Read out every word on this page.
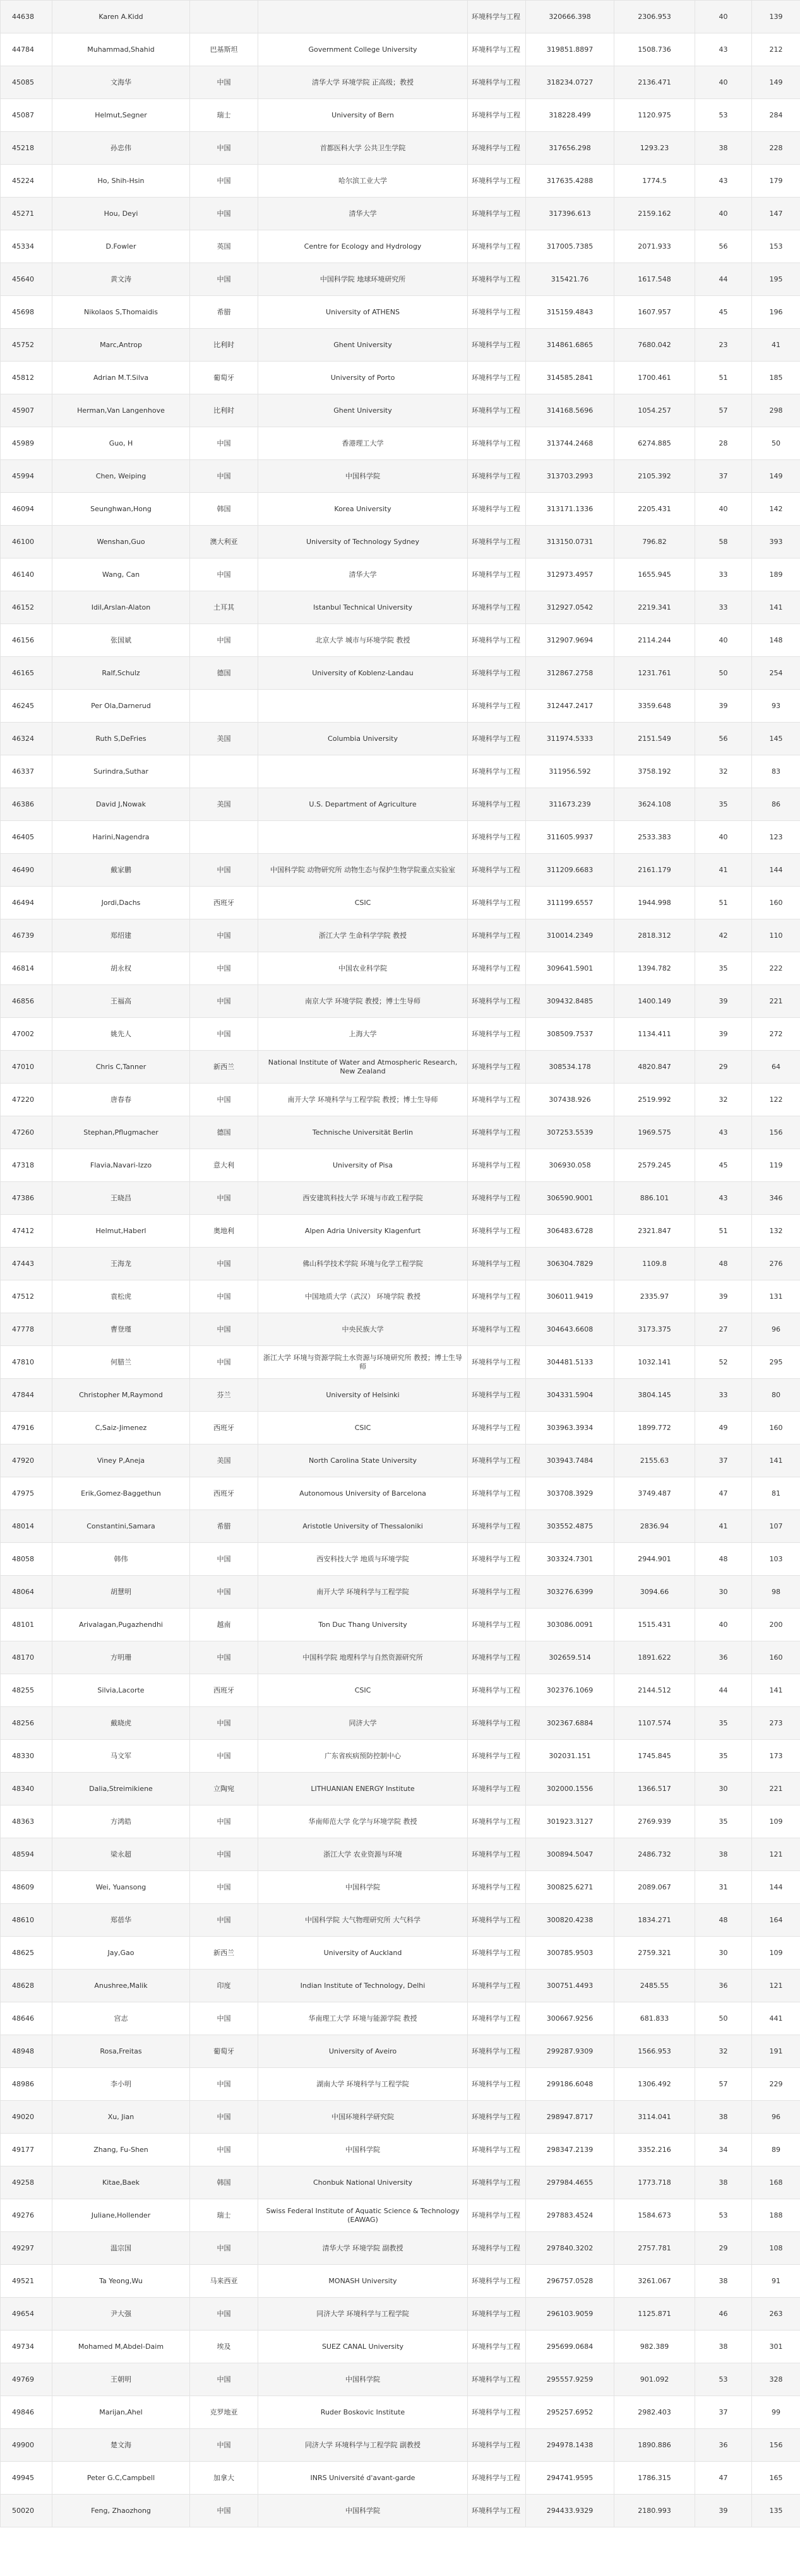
44638	Karen A.Kidd			环境科学与工程	320666.398	2306.953	40	139
44784	Muhammad,Shahid	巴基斯坦	Government College University	环境科学与工程	319851.8897	1508.736	43	212
45085	文海华	中国	清华大学 环境学院 正高级；教授	环境科学与工程	318234.0727	2136.471	40	149
45087	Helmut,Segner	瑞士	University of Bern	环境科学与工程	318228.499	1120.975	53	284
45218	孙忠伟	中国	首都医科大学 公共卫生学院	环境科学与工程	317656.298	1293.23	38	228
45224	Ho, Shih-Hsin	中国	哈尔滨工业大学	环境科学与工程	317635.4288	1774.5	43	179
45271	Hou, Deyi	中国	清华大学	环境科学与工程	317396.613	2159.162	40	147
45334	D.Fowler	英国	Centre for Ecology and Hydrology	环境科学与工程	317005.7385	2071.933	56	153
45640	黄文涛	中国	中国科学院 地球环境研究所	环境科学与工程	315421.76	1617.548	44	195
45698	Nikolaos S,Thomaidis	希腊	University of ATHENS	环境科学与工程	315159.4843	1607.957	45	196
45752	Marc,Antrop	比利时	Ghent University	环境科学与工程	314861.6865	7680.042	23	41
45812	Adrian M.T.Silva	葡萄牙	University of Porto	环境科学与工程	314585.2841	1700.461	51	185
45907	Herman,Van Langenhove	比利时	Ghent University	环境科学与工程	314168.5696	1054.257	57	298
45989	Guo, H	中国	香港理工大学	环境科学与工程	313744.2468	6274.885	28	50
45994	Chen, Weiping	中国	中国科学院	环境科学与工程	313703.2993	2105.392	37	149
46094	Seunghwan,Hong	韩国	Korea University	环境科学与工程	313171.1336	2205.431	40	142
46100	Wenshan,Guo	澳大利亚	University of Technology Sydney	环境科学与工程	313150.0731	796.82	58	393
46140	Wang, Can	中国	清华大学	环境科学与工程	312973.4957	1655.945	33	189
46152	Idil,Arslan-Alaton	土耳其	Istanbul Technical University	环境科学与工程	312927.0542	2219.341	33	141
46156	张国斌	中国	北京大学 城市与环境学院 教授	环境科学与工程	312907.9694	2114.244	40	148
46165	Ralf,Schulz	德国	University of Koblenz-Landau	环境科学与工程	312867.2758	1231.761	50	254
46245	Per Ola,Darnerud			环境科学与工程	312447.2417	3359.648	39	93
46324	Ruth S,DeFries	美国	Columbia University	环境科学与工程	311974.5333	2151.549	56	145
46337	Surindra,Suthar			环境科学与工程	311956.592	3758.192	32	83
46386	David J,Nowak	美国	U.S. Department of Agriculture	环境科学与工程	311673.239	3624.108	35	86
46405	Harini,Nagendra			环境科学与工程	311605.9937	2533.383	40	123
46490	戴家鹏	中国	中国科学院 动物研究所 动物生态与保护生物学院重点实验室	环境科学与工程	311209.6683	2161.179	41	144
46494	Jordi,Dachs	西班牙	CSIC	环境科学与工程	311199.6557	1944.998	51	160
46739	郑绍建	中国	浙江大学 生命科学学院 教授	环境科学与工程	310014.2349	2818.312	42	110
46814	胡永权	中国	中国农业科学院	环境科学与工程	309641.5901	1394.782	35	222
46856	王福高	中国	南京大学 环境学院 教授；博士生导师	环境科学与工程	309432.8485	1400.149	39	221
47002	姚先人	中国	上海大学	环境科学与工程	308509.7537	1134.411	39	272
47010	Chris C,Tanner	新西兰	National Institute of Water and Atmospheric Research, New Zealand	环境科学与工程	308534.178	4820.847	29	64
47220	唐春春	中国	南开大学 环境科学与工程学院 教授；博士生导师	环境科学与工程	307438.926	2519.992	32	122
47260	Stephan,Pflugmacher	德国	Technische Universität Berlin	环境科学与工程	307253.5539	1969.575	43	156
47318	Flavia,Navari-Izzo	意大利	University of Pisa	环境科学与工程	306930.058	2579.245	45	119
47386	王晓昌	中国	西安建筑科技大学 环境与市政工程学院	环境科学与工程	306590.9001	886.101	43	346
47412	Helmut,Haberl	奥地利	Alpen Adria University Klagenfurt	环境科学与工程	306483.6728	2321.847	51	132
47443	王海龙	中国	佛山科学技术学院 环境与化学工程学院	环境科学与工程	306304.7829	1109.8	48	276
47512	袁松虎	中国	中国地质大学（武汉） 环境学院 教授	环境科学与工程	306011.9419	2335.97	39	131
47778	曹登瑾	中国	中央民族大学	环境科学与工程	304643.6608	3173.375	27	96
47810	何腊兰	中国	浙江大学 环境与资源学院土水资源与环境研究所 教授；博士生导师	环境科学与工程	304481.5133	1032.141	52	295
47844	Christopher M,Raymond	芬兰	University of Helsinki	环境科学与工程	304331.5904	3804.145	33	80
47916	C,Saiz-Jimenez	西班牙	CSIC	环境科学与工程	303963.3934	1899.772	49	160
47920	Viney P,Aneja	美国	North Carolina State University	环境科学与工程	303943.7484	2155.63	37	141
47975	Erik,Gomez-Baggethun	西班牙	Autonomous University of Barcelona	环境科学与工程	303708.3929	3749.487	47	81
48014	Constantini,Samara	希腊	Aristotle University of Thessaloniki	环境科学与工程	303552.4875	2836.94	41	107
48058	韩伟	中国	西安科技大学 地质与环境学院	环境科学与工程	303324.7301	2944.901	48	103
48064	胡慧明	中国	南开大学 环境科学与工程学院	环境科学与工程	303276.6399	3094.66	30	98
48101	Arivalagan,Pugazhendhi	越南	Ton Duc Thang University	环境科学与工程	303086.0091	1515.431	40	200
48170	方明珊	中国	中国科学院 地理科学与自然资源研究所	环境科学与工程	302659.514	1891.622	36	160
48255	Silvia,Lacorte	西班牙	CSIC	环境科学与工程	302376.1069	2144.512	44	141
48256	戴晓虎	中国	同济大学	环境科学与工程	302367.6884	1107.574	35	273
48330	马文军	中国	广东省疾病预防控制中心	环境科学与工程	302031.151	1745.845	35	173
48340	Dalia,Streimikiene	立陶宛	LITHUANIAN ENERGY Institute	环境科学与工程	302000.1556	1366.517	30	221
48363	方鸿皓	中国	华南师范大学 化学与环境学院 教授	环境科学与工程	301923.3127	2769.939	35	109
48594	梁永超	中国	浙江大学 农业资源与环境	环境科学与工程	300894.5047	2486.732	38	121
48609	Wei, Yuansong	中国	中国科学院	环境科学与工程	300825.6271	2089.067	31	144
48610	郑蓓华	中国	中国科学院 大气物理研究所 大气科学	环境科学与工程	300820.4238	1834.271	48	164
48625	Jay,Gao	新西兰	University of Auckland	环境科学与工程	300785.9503	2759.321	30	109
48628	Anushree,Malik	印度	Indian Institute of Technology, Delhi	环境科学与工程	300751.4493	2485.55	36	121
48646	宫志	中国	华南理工大学 环境与能源学院 教授	环境科学与工程	300667.9256	681.833	50	441
48948	Rosa,Freitas	葡萄牙	University of Aveiro	环境科学与工程	299287.9309	1566.953	32	191
48986	李小明	中国	湖南大学 环境科学与工程学院	环境科学与工程	299186.6048	1306.492	57	229
49020	Xu, Jian	中国	中国环境科学研究院	环境科学与工程	298947.8717	3114.041	38	96
49177	Zhang, Fu-Shen	中国	中国科学院	环境科学与工程	298347.2139	3352.216	34	89
49258	Kitae,Baek	韩国	Chonbuk National University	环境科学与工程	297984.4655	1773.718	38	168
49276	Juliane,Hollender	瑞士	Swiss Federal Institute of Aquatic Science & Technology (EAWAG)	环境科学与工程	297883.4524	1584.673	53	188
49297	温宗国	中国	清华大学 环境学院 副教授	环境科学与工程	297840.3202	2757.781	29	108
49521	Ta Yeong,Wu	马来西亚	MONASH University	环境科学与工程	296757.0528	3261.067	38	91
49654	尹大强	中国	同济大学 环境科学与工程学院	环境科学与工程	296103.9059	1125.871	46	263
49734	Mohamed M,Abdel-Daim	埃及	SUEZ CANAL University	环境科学与工程	295699.0684	982.389	38	301
49769	王朝明	中国	中国科学院	环境科学与工程	295557.9259	901.092	53	328
49846	Marijan,Ahel	克罗地亚	Ruder Boskovic Institute	环境科学与工程	295257.6952	2982.403	37	99
49900	楚文海	中国	同济大学 环境科学与工程学院 副教授	环境科学与工程	294978.1438	1890.886	36	156
49945	Peter G.C,Campbell	加拿大	INRS Université d'avant-garde	环境科学与工程	294741.9595	1786.315	47	165
50020	Feng, Zhaozhong	中国	中国科学院	环境科学与工程	294433.9329	2180.993	39	135
